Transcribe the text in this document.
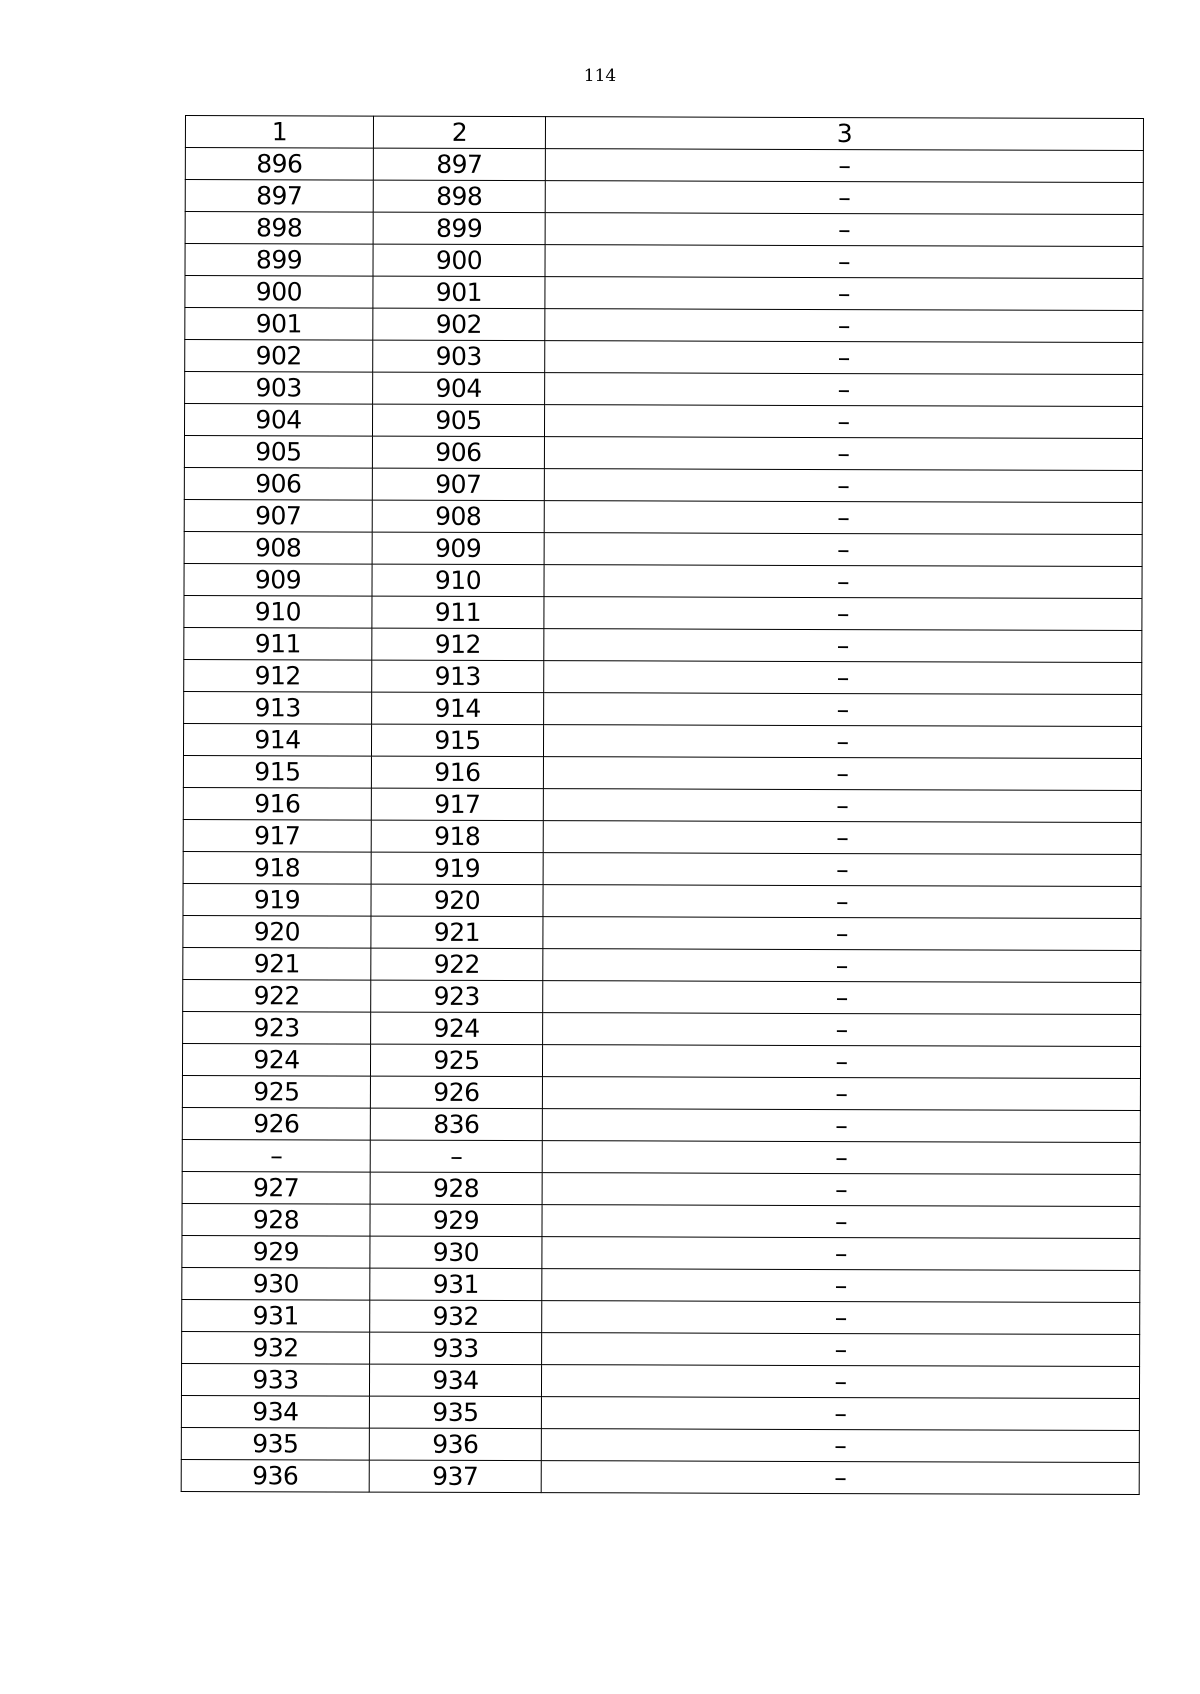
114
1	2	3
896	897	–
897	898	–
898	899	–
899	900	–
900	901	–
901	902	–
902	903	–
903	904	–
904	905	–
905	906	–
906	907	–
907	908	–
908	909	–
909	910	–
910	911	–
911	912	–
912	913	–
913	914	–
914	915	–
915	916	–
916	917	–
917	918	–
918	919	–
919	920	–
920	921	–
921	922	–
922	923	–
923	924	–
924	925	–
925	926	–
926	836	–
–	–	–
927	928	–
928	929	–
929	930	–
930	931	–
931	932	–
932	933	–
933	934	–
934	935	–
935	936	–
936	937	–
